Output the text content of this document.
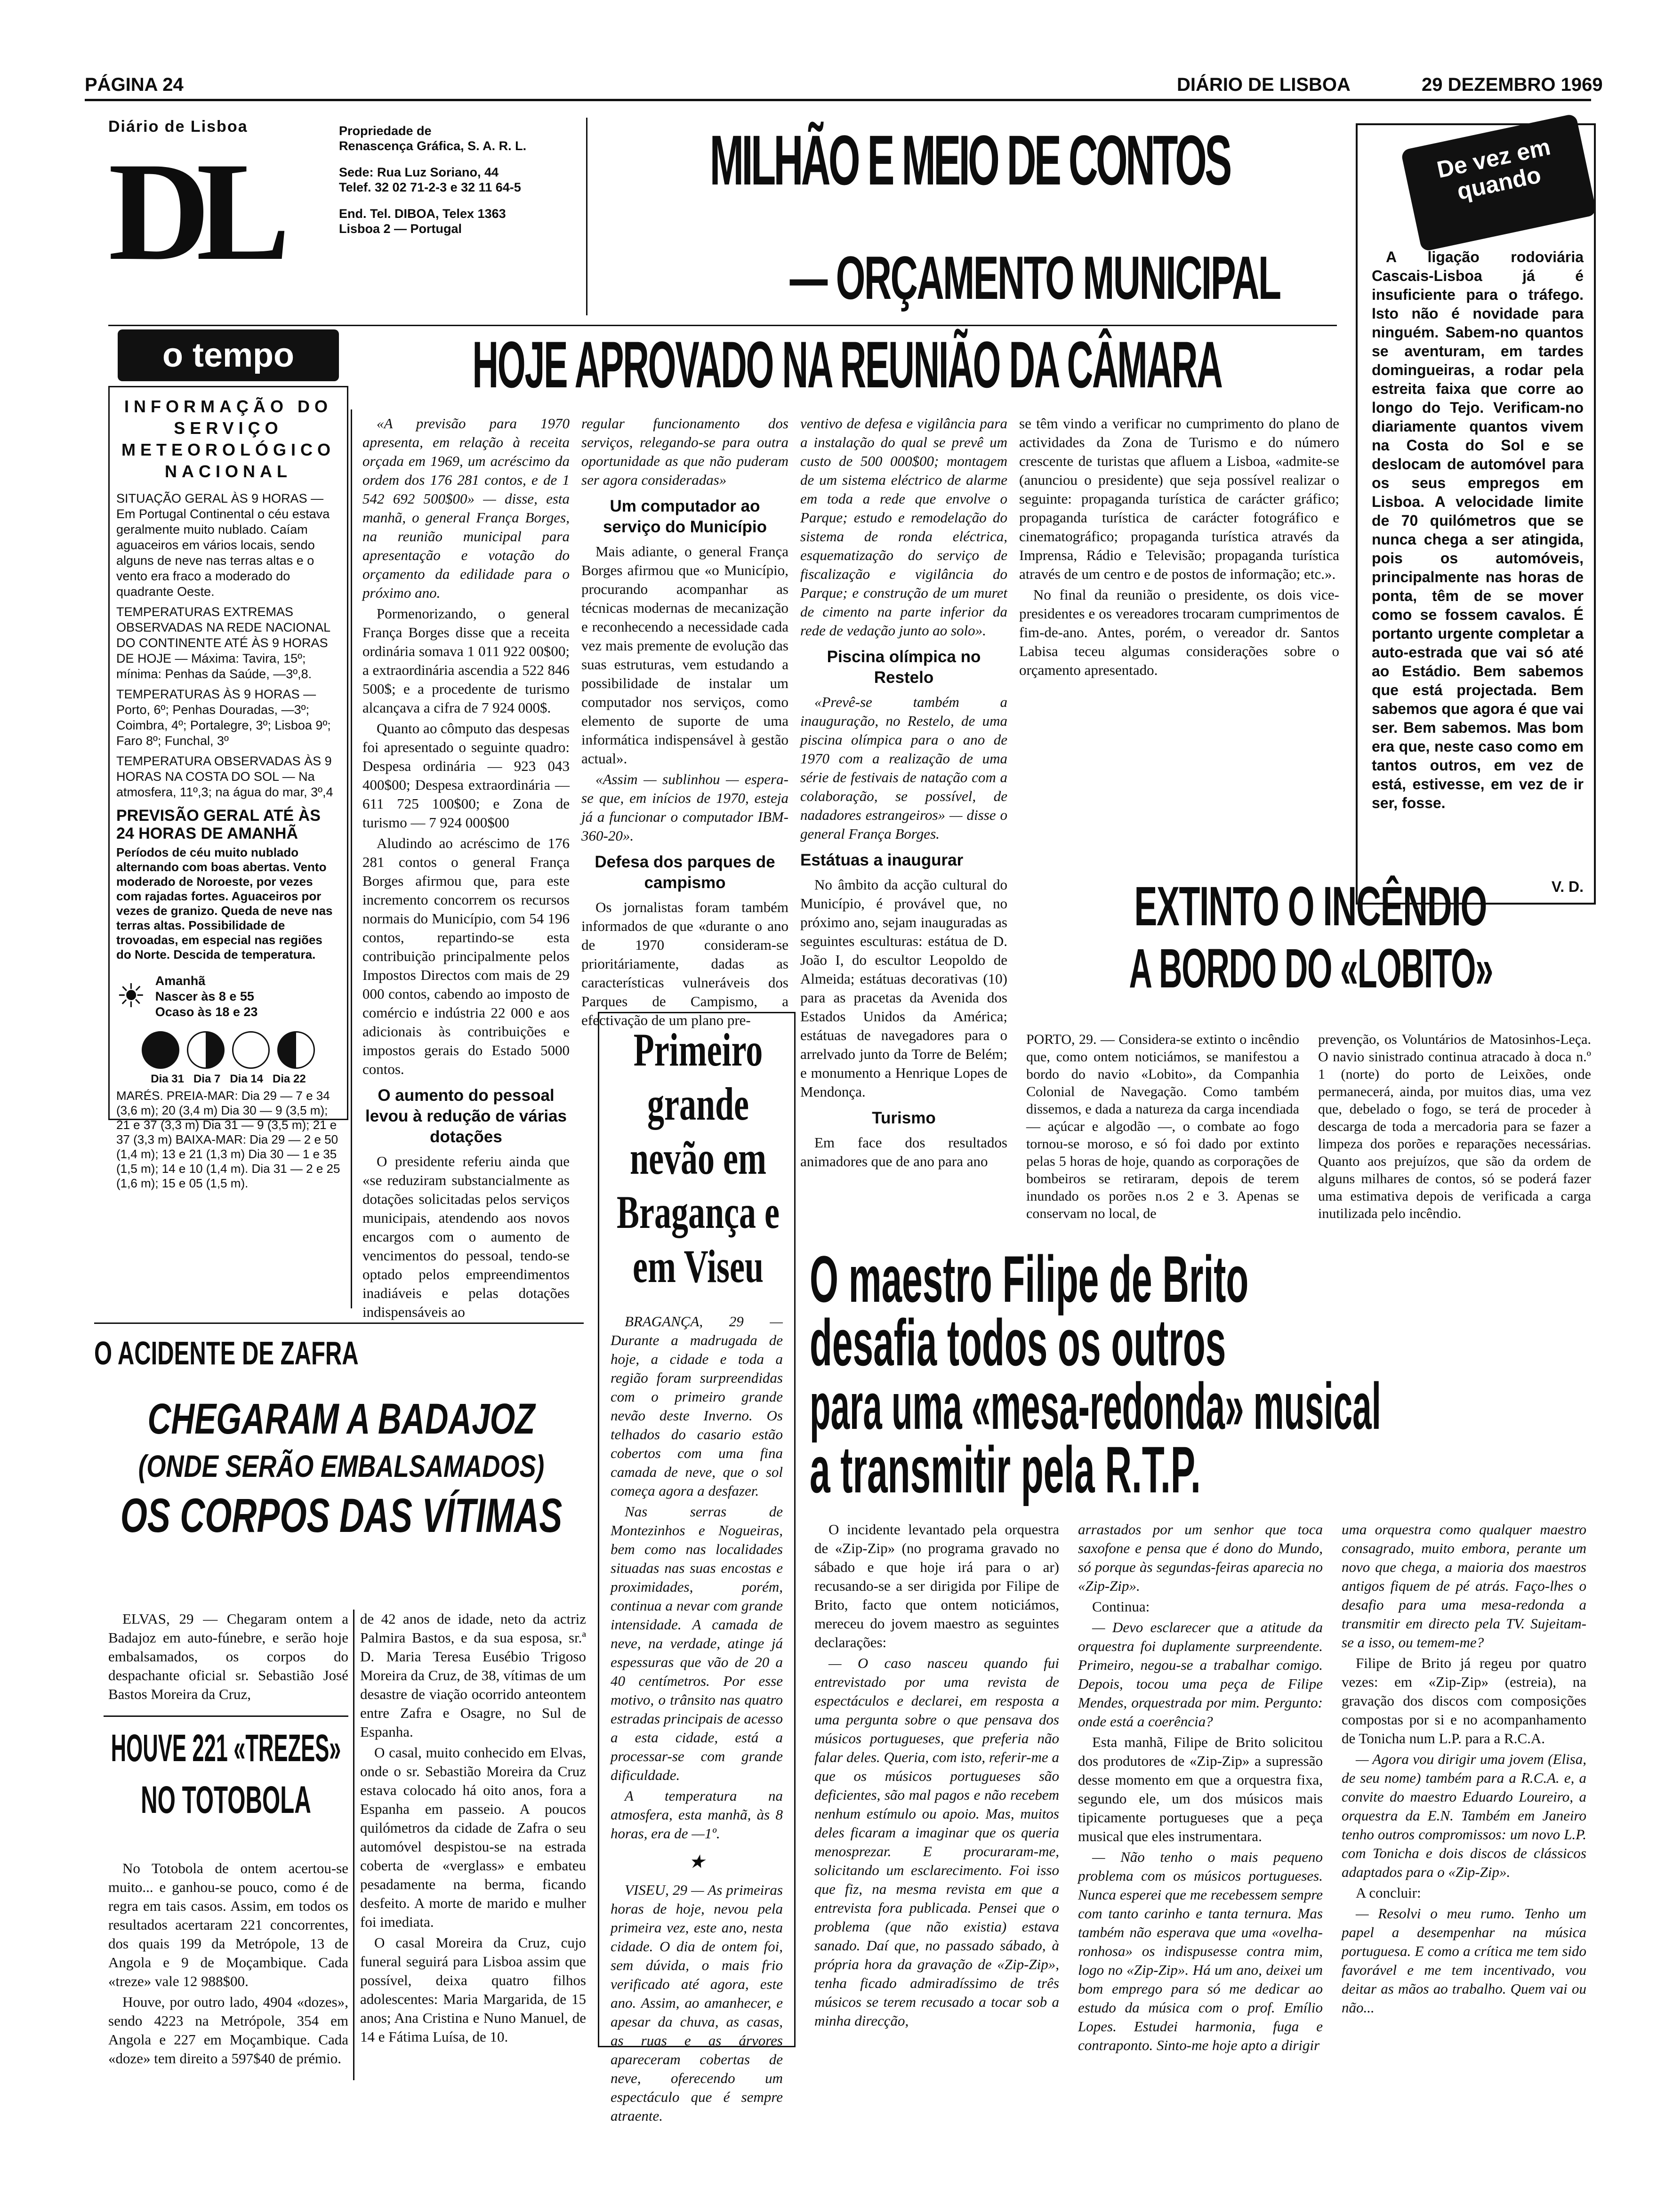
PÁGINA 24	DIÁRIO DE LISBOA	29 DEZEMBRO 1969
Diário de Lisboa
DL
Propriedade de
Renascença Gráfica, S. A. R. L.
Sede: Rua Luz Soriano, 44
Telef. 32 02 71-2-3 e 32 11 64-5
End. Tel. DIBOA, Telex 1363
Lisboa 2 — Portugal
MILHÃO E MEIO DE CONTOS
— ORÇAMENTO MUNICIPAL
HOJE APROVADO NA REUNIÃO DA CÂMARA
De vez em quando
A ligação rodoviária Cascais-Lisboa já é insuficiente para o tráfego. Isto não é novidade para ninguém. Sabem-no quantos se aventuram, em tardes domingueiras, a rodar pela estreita faixa que corre ao longo do Tejo. Verificam-no diariamente quantos vivem na Costa do Sol e se deslocam de automóvel para os seus empregos em Lisboa. A velocidade limite de 70 quilómetros que se nunca chega a ser atingida, pois os automóveis, principalmente nas horas de ponta, têm de se mover como se fossem cavalos. É portanto urgente completar a auto-estrada que vai só até ao Estádio. Bem sabemos que está projectada. Bem sabemos que agora é que vai ser. Bem sabemos. Mas bom era que, neste caso como em tantos outros, em vez de está, estivesse, em vez de ir ser, fosse.
V. D.
o tempo
INFORMAÇÃO DO SERVIÇO METEOROLÓGICO NACIONAL

SITUAÇÃO GERAL ÀS 9 HORAS — Em Portugal Continental o céu estava geralmente muito nublado. Caíam aguaceiros em vários locais, sendo alguns de neve nas terras altas e o vento era fraco a moderado do quadrante Oeste.

TEMPERATURAS EXTREMAS OBSERVADAS NA REDE NACIONAL DO CONTINENTE ATÉ ÀS 9 HORAS DE HOJE — Máxima: Tavira, 15º; mínima: Penhas da Saúde, —3º,8.

TEMPERATURAS ÀS 9 HORAS — Porto, 6º; Penhas Douradas, —3º; Coimbra, 4º; Portalegre, 3º; Lisboa 9º; Faro 8º; Funchal, 3º

TEMPERATURA OBSERVADAS ÀS 9 HORAS NA COSTA DO SOL — Na atmosfera, 11º,3; na água do mar, 3º,4

PREVISÃO GERAL ATÉ ÀS 24 HORAS DE AMANHÃ

Períodos de céu muito nublado alternando com boas abertas. Vento moderado de Noroeste, por vezes com rajadas fortes. Aguaceiros por vezes de granizo. Queda de neve nas terras altas. Possibilidade de trovoadas, em especial nas regiões do Norte. Descida de temperatura.

☀ Amanhã
Nascer às 8 e 55
Ocaso às 18 e 23

Dia 31   Dia 7   Dia 14   Dia 22

MARÉS. PREIA-MAR: Dia 29 — 7 e 34 (3,6 m); 20 (3,4 m) Dia 30 — 9 (3,5 m); 21 e 37 (3,3 m) Dia 31 — 9 (3,5 m); 21 e 37 (3,3 m) BAIXA-MAR: Dia 29 — 2 e 50 (1,4 m); 13 e 21 (1,3 m) Dia 30 — 1 e 35 (1,5 m); 14 e 10 (1,4 m). Dia 31 — 2 e 25 (1,6 m); 15 e 05 (1,5 m).

«A previsão para 1970 apresenta, em relação à receita orçada em 1969, um acréscimo da ordem dos 176 281 contos, e de 1 542 692 500$00» — disse, esta manhã, o general França Borges, na reunião municipal para apresentação e votação do orçamento da edilidade para o próximo ano.

Pormenorizando, o general França Borges disse que a receita ordinária somava 1 011 922 00$00; a extraordinária ascendia a 522 846 500$; e a procedente de turismo alcançava a cifra de 7 924 000$.

Quanto ao cômputo das despesas foi apresentado o seguinte quadro: Despesa ordinária — 923 043 400$00; Despesa extraordinária — 611 725 100$00; e Zona de turismo — 7 924 000$00

Aludindo ao acréscimo de 176 281 contos o general França Borges afirmou que, para este incremento concorrem os recursos normais do Município, com 54 196 contos, repartindo-se esta contribuição principalmente pelos Impostos Directos com mais de 29 000 contos, cabendo ao imposto de comércio e indústria 22 000 e aos adicionais às contribuições e impostos gerais do Estado 5000 contos.

O aumento do pessoal levou à redução de várias dotações

O presidente referiu ainda que «se reduziram substancialmente as dotações solicitadas pelos serviços municipais, atendendo aos novos encargos com o aumento de vencimentos do pessoal, tendo-se optado pelos empreendimentos inadiáveis e pelas dotações indispensáveis ao

regular funcionamento dos serviços, relegando-se para outra oportunidade as que não puderam ser agora consideradas»

Um computador ao serviço do Município

Mais adiante, o general França Borges afirmou que «o Município, procurando acompanhar as técnicas modernas de mecanização e reconhecendo a necessidade cada vez mais premente de evolução das suas estruturas, vem estudando a possibilidade de instalar um computador nos serviços, como elemento de suporte de uma informática indispensável à gestão actual».

«Assim — sublinhou — espera-se que, em inícios de 1970, esteja já a funcionar o computador IBM-360-20».

Defesa dos parques de campismo

Os jornalistas foram também informados de que «durante o ano de 1970 consideram-se prioritáriamente, dadas as características vulneráveis dos Parques de Campismo, a efectivação de um plano pre-

ventivo de defesa e vigilância para a instalação do qual se prevê um custo de 500 000$00; montagem de um sistema eléctrico de alarme em toda a rede que envolve o Parque; estudo e remodelação do sistema de ronda eléctrica, esquematização do serviço de fiscalização e vigilância do Parque; e construção de um muret de cimento na parte inferior da rede de vedação junto ao solo».

Piscina olímpica no Restelo

«Prevê-se também a inauguração, no Restelo, de uma piscina olímpica para o ano de 1970 com a realização de uma série de festivais de natação com a colaboração, se possível, de nadadores estrangeiros» — disse o general França Borges.

Estátuas a inaugurar

No âmbito da acção cultural do Município, é provável que, no próximo ano, sejam inauguradas as seguintes esculturas: estátua de D. João I, do escultor Leopoldo de Almeida; estátuas decorativas (10) para as pracetas da Avenida dos Estados Unidos da América; estátuas de navegadores para o arrelvado junto da Torre de Belém; e monumento a Henrique Lopes de Mendonça.

Turismo

Em face dos resultados animadores que de ano para ano

se têm vindo a verificar no cumprimento do plano de actividades da Zona de Turismo e do número crescente de turistas que afluem a Lisboa, «admite-se (anunciou o presidente) que seja possível realizar o seguinte: propaganda turística de carácter gráfico; propaganda turística de carácter fotográfico e cinematográfico; propaganda turística através da Imprensa, Rádio e Televisão; propaganda turística através de um centro e de postos de informação; etc.».

No final da reunião o presidente, os dois vice-presidentes e os vereadores trocaram cumprimentos de fim-de-ano. Antes, porém, o vereador dr. Santos Labisa teceu algumas considerações sobre o orçamento apresentado.

Primeiro grande nevão em Bragança e em Viseu

BRAGANÇA, 29 — Durante a madrugada de hoje, a cidade e toda a região foram surpreendidas com o primeiro grande nevão deste Inverno. Os telhados do casario estão cobertos com uma fina camada de neve, que o sol começa agora a desfazer.

Nas serras de Montezinhos e Nogueiras, bem como nas localidades situadas nas suas encostas e proximidades, porém, continua a nevar com grande intensidade. A camada de neve, na verdade, atinge já espessuras que vão de 20 a 40 centímetros. Por esse motivo, o trânsito nas quatro estradas principais de acesso a esta cidade, está a processar-se com grande dificuldade.

A temperatura na atmosfera, esta manhã, às 8 horas, era de —1º.

★

VISEU, 29 — As primeiras horas de hoje, nevou pela primeira vez, este ano, nesta cidade. O dia de ontem foi, sem dúvida, o mais frio verificado até agora, este ano. Assim, ao amanhecer, e apesar da chuva, as casas, as ruas e as árvores apareceram cobertas de neve, oferecendo um espectáculo que é sempre atraente.

EXTINTO O INCÊNDIO
A BORDO DO «LOBITO»
PORTO, 29. — Considera-se extinto o incêndio que, como ontem noticiámos, se manifestou a bordo do navio «Lobito», da Companhia Colonial de Navegação. Como também dissemos, e dada a natureza da carga incendiada — açúcar e algodão —, o combate ao fogo tornou-se moroso, e só foi dado por extinto pelas 5 horas de hoje, quando as corporações de bombeiros se retiraram, depois de terem inundado os porões n.os 2 e 3. Apenas se conservam no local, de
prevenção, os Voluntários de Matosinhos-Leça. O navio sinistrado continua atracado à doca n.º 1 (norte) do porto de Leixões, onde permanecerá, ainda, por muitos dias, uma vez que, debelado o fogo, se terá de proceder à descarga de toda a mercadoria para se fazer a limpeza dos porões e reparações necessárias. Quanto aos prejuízos, que são da ordem de alguns milhares de contos, só se poderá fazer uma estimativa depois de verificada a carga inutilizada pelo incêndio.
O maestro Filipe de Brito
desafia todos os outros
para uma «mesa-redonda» musical
a transmitir pela R.T.P.

O incidente levantado pela orquestra de «Zip-Zip» (no programa gravado no sábado e que hoje irá para o ar) recusando-se a ser dirigida por Filipe de Brito, facto que ontem noticiámos, mereceu do jovem maestro as seguintes declarações:

— O caso nasceu quando fui entrevistado por uma revista de espectáculos e declarei, em resposta a uma pergunta sobre o que pensava dos músicos portugueses, que preferia não falar deles. Queria, com isto, referir-me a que os músicos portugueses são deficientes, são mal pagos e não recebem nenhum estímulo ou apoio. Mas, muitos deles ficaram a imaginar que os queria menosprezar. E procuraram-me, solicitando um esclarecimento. Foi isso que fiz, na mesma revista em que a entrevista fora publicada. Pensei que o problema (que não existia) estava sanado. Daí que, no passado sábado, à própria hora da gravação de «Zip-Zip», tenha ficado admiradíssimo de três músicos se terem recusado a tocar sob a minha direcção,

arrastados por um senhor que toca saxofone e pensa que é dono do Mundo, só porque às segundas-feiras aparecia no «Zip-Zip».

Continua:

— Devo esclarecer que a atitude da orquestra foi duplamente surpreendente. Primeiro, negou-se a trabalhar comigo. Depois, tocou uma peça de Filipe Mendes, orquestrada por mim. Pergunto: onde está a coerência?

Esta manhã, Filipe de Brito solicitou dos produtores de «Zip-Zip» a supressão desse momento em que a orquestra fixa, segundo ele, um dos músicos mais tipicamente portugueses que a peça musical que eles instrumentara.

— Não tenho o mais pequeno problema com os músicos portugueses. Nunca esperei que me recebessem sempre com tanto carinho e tanta ternura. Mas também não esperava que uma «ovelha-ronhosa» os indispusesse contra mim, logo no «Zip-Zip». Há um ano, deixei um bom emprego para só me dedicar ao estudo da música com o prof. Emílio Lopes. Estudei harmonia, fuga e contraponto. Sinto-me hoje apto a dirigir

uma orquestra como qualquer maestro consagrado, muito embora, perante um novo que chega, a maioria dos maestros antigos fiquem de pé atrás. Faço-lhes o desafio para uma mesa-redonda a transmitir em directo pela TV. Sujeitam-se a isso, ou temem-me?

Filipe de Brito já regeu por quatro vezes: em «Zip-Zip» (estreia), na gravação dos discos com composições compostas por si e no acompanhamento de Tonicha num L.P. para a R.C.A.

— Agora vou dirigir uma jovem (Elisa, de seu nome) também para a R.C.A. e, a convite do maestro Eduardo Loureiro, a orquestra da E.N. Também em Janeiro tenho outros compromissos: um novo L.P. com Tonicha e dois discos de clássicos adaptados para o «Zip-Zip».

A concluir:

— Resolvi o meu rumo. Tenho um papel a desempenhar na música portuguesa. E como a crítica me tem sido favorável e me tem incentivado, vou deitar as mãos ao trabalho. Quem vai ou não...

O ACIDENTE DE ZAFRA
CHEGARAM A BADAJOZ
(ONDE SERÃO EMBALSAMADOS)
OS CORPOS DAS VÍTIMAS

ELVAS, 29 — Chegaram ontem a Badajoz em auto-fúnebre, e serão hoje embalsamados, os corpos do despachante oficial sr. Sebastião José Bastos Moreira da Cruz,

de 42 anos de idade, neto da actriz Palmira Bastos, e da sua esposa, sr.ª D. Maria Teresa Eusébio Trigoso Moreira da Cruz, de 38, vítimas de um desastre de viação ocorrido anteontem entre Zafra e Osagre, no Sul de Espanha.

O casal, muito conhecido em Elvas, onde o sr. Sebastião Moreira da Cruz estava colocado há oito anos, fora a Espanha em passeio. A poucos quilómetros da cidade de Zafra o seu automóvel despistou-se na estrada coberta de «verglass» e embateu pesadamente na berma, ficando desfeito. A morte de marido e mulher foi imediata.

O casal Moreira da Cruz, cujo funeral seguirá para Lisboa assim que possível, deixa quatro filhos adolescentes: Maria Margarida, de 15 anos; Ana Cristina e Nuno Manuel, de 14 e Fátima Luísa, de 10.

HOUVE 221 «TREZES»
NO TOTOBOLA

No Totobola de ontem acertou-se muito... e ganhou-se pouco, como é de regra em tais casos. Assim, em todos os resultados acertaram 221 concorrentes, dos quais 199 da Metrópole, 13 de Angola e 9 de Moçambique. Cada «treze» vale 12 988$00.

Houve, por outro lado, 4904 «dozes», sendo 4223 na Metrópole, 354 em Angola e 227 em Moçambique. Cada «doze» tem direito a 597$40 de prémio.
